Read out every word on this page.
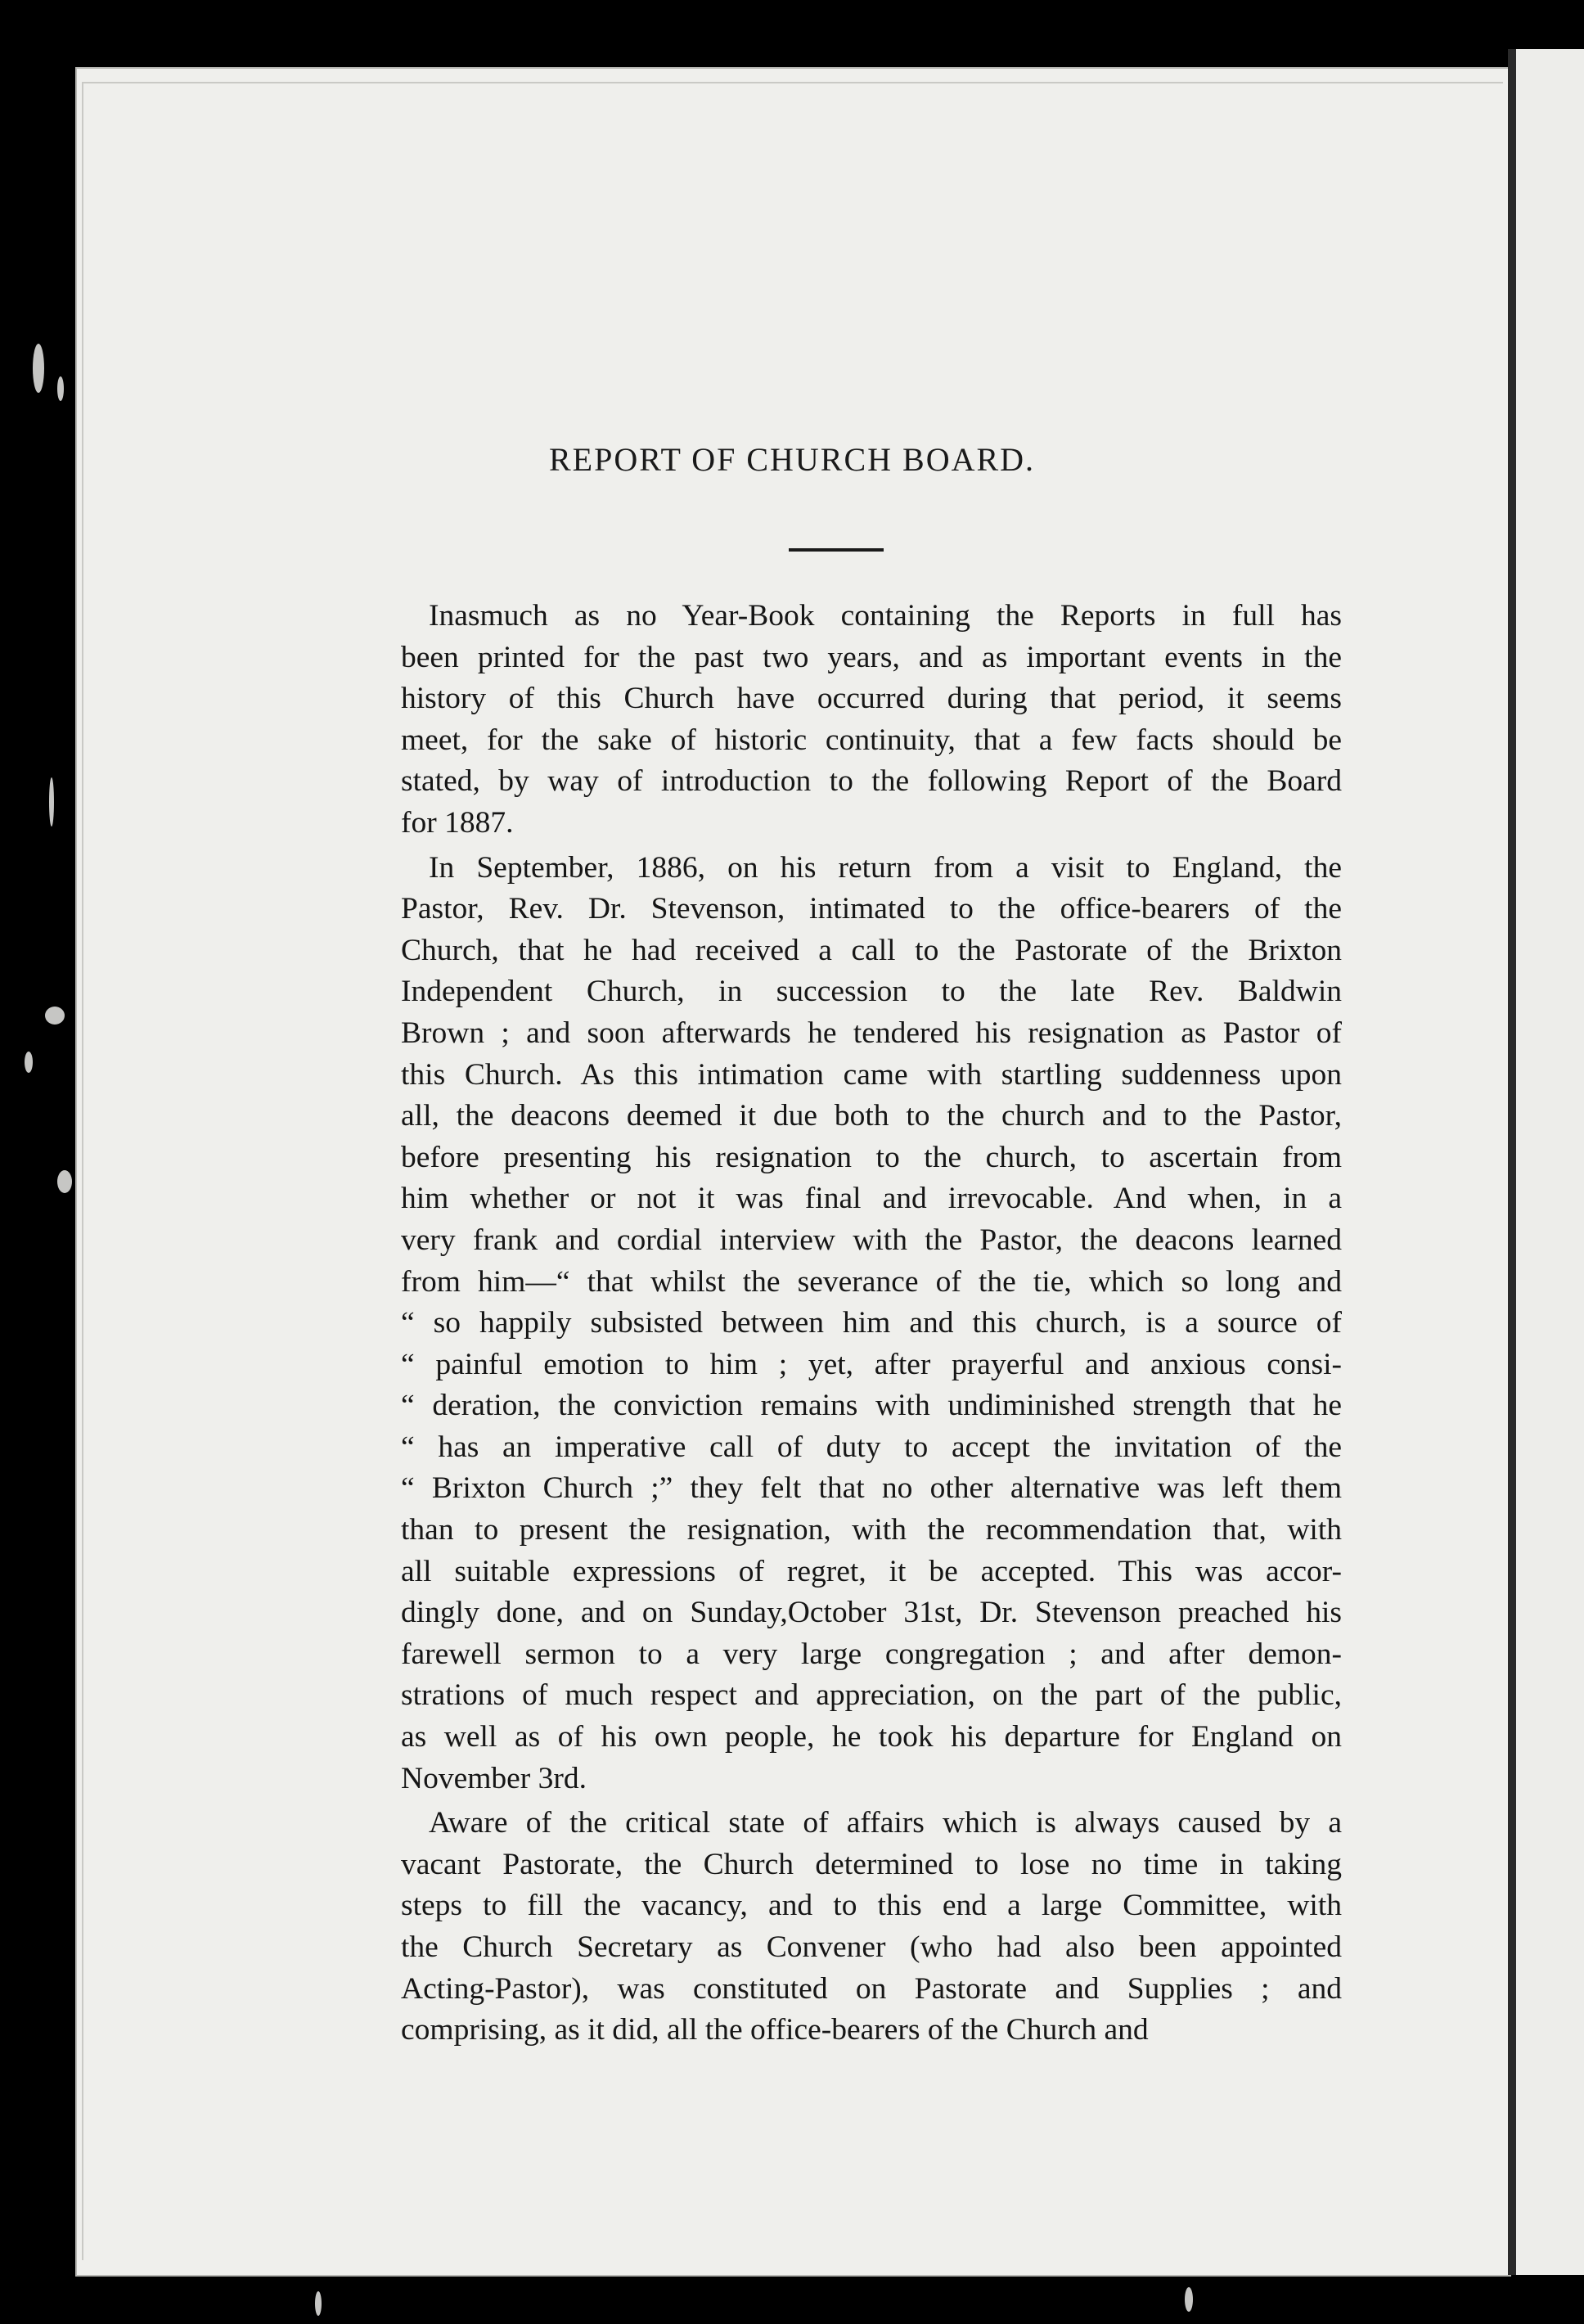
REPORT OF CHURCH BOARD.
Inasmuch as no Year-Book containing the Reports in full has
been printed for the past two years, and as important events in the
history of this Church have occurred during that period, it seems
meet, for the sake of historic continuity, that a few facts should be
stated, by way of introduction to the following Report of the Board
for 1887.
In September, 1886, on his return from a visit to England, the
Pastor, Rev. Dr. Stevenson, intimated to the office-bearers of the
Church, that he had received a call to the Pastorate of the Brixton
Independent Church, in succession to the late Rev. Baldwin
Brown ; and soon afterwards he tendered his resignation as Pastor of
this Church. As this intimation came with startling suddenness upon
all, the deacons deemed it due both to the church and to the Pastor,
before presenting his resignation to the church, to ascertain from
him whether or not it was final and irrevocable. And when, in a
very frank and cordial interview with the Pastor, the deacons learned
from him—“ that whilst the severance of the tie, which so long and
“ so happily subsisted between him and this church, is a source of
“ painful emotion to him ; yet, after prayerful and anxious consi-
“ deration, the conviction remains with undiminished strength that he
“ has an imperative call of duty to accept the invitation of the
“ Brixton Church ;” they felt that no other alternative was left them
than to present the resignation, with the recommendation that, with
all suitable expressions of regret, it be accepted. This was accor-
dingly done, and on Sunday,October 31st, Dr. Stevenson preached his
farewell sermon to a very large congregation ; and after demon-
strations of much respect and appreciation, on the part of the public,
as well as of his own people, he took his departure for England on
November 3rd.
Aware of the critical state of affairs which is always caused by a
vacant Pastorate, the Church determined to lose no time in taking
steps to fill the vacancy, and to this end a large Committee, with
the Church Secretary as Convener (who had also been appointed
Acting-Pastor), was constituted on Pastorate and Supplies ; and
comprising, as it did, all the office-bearers of the Church and
